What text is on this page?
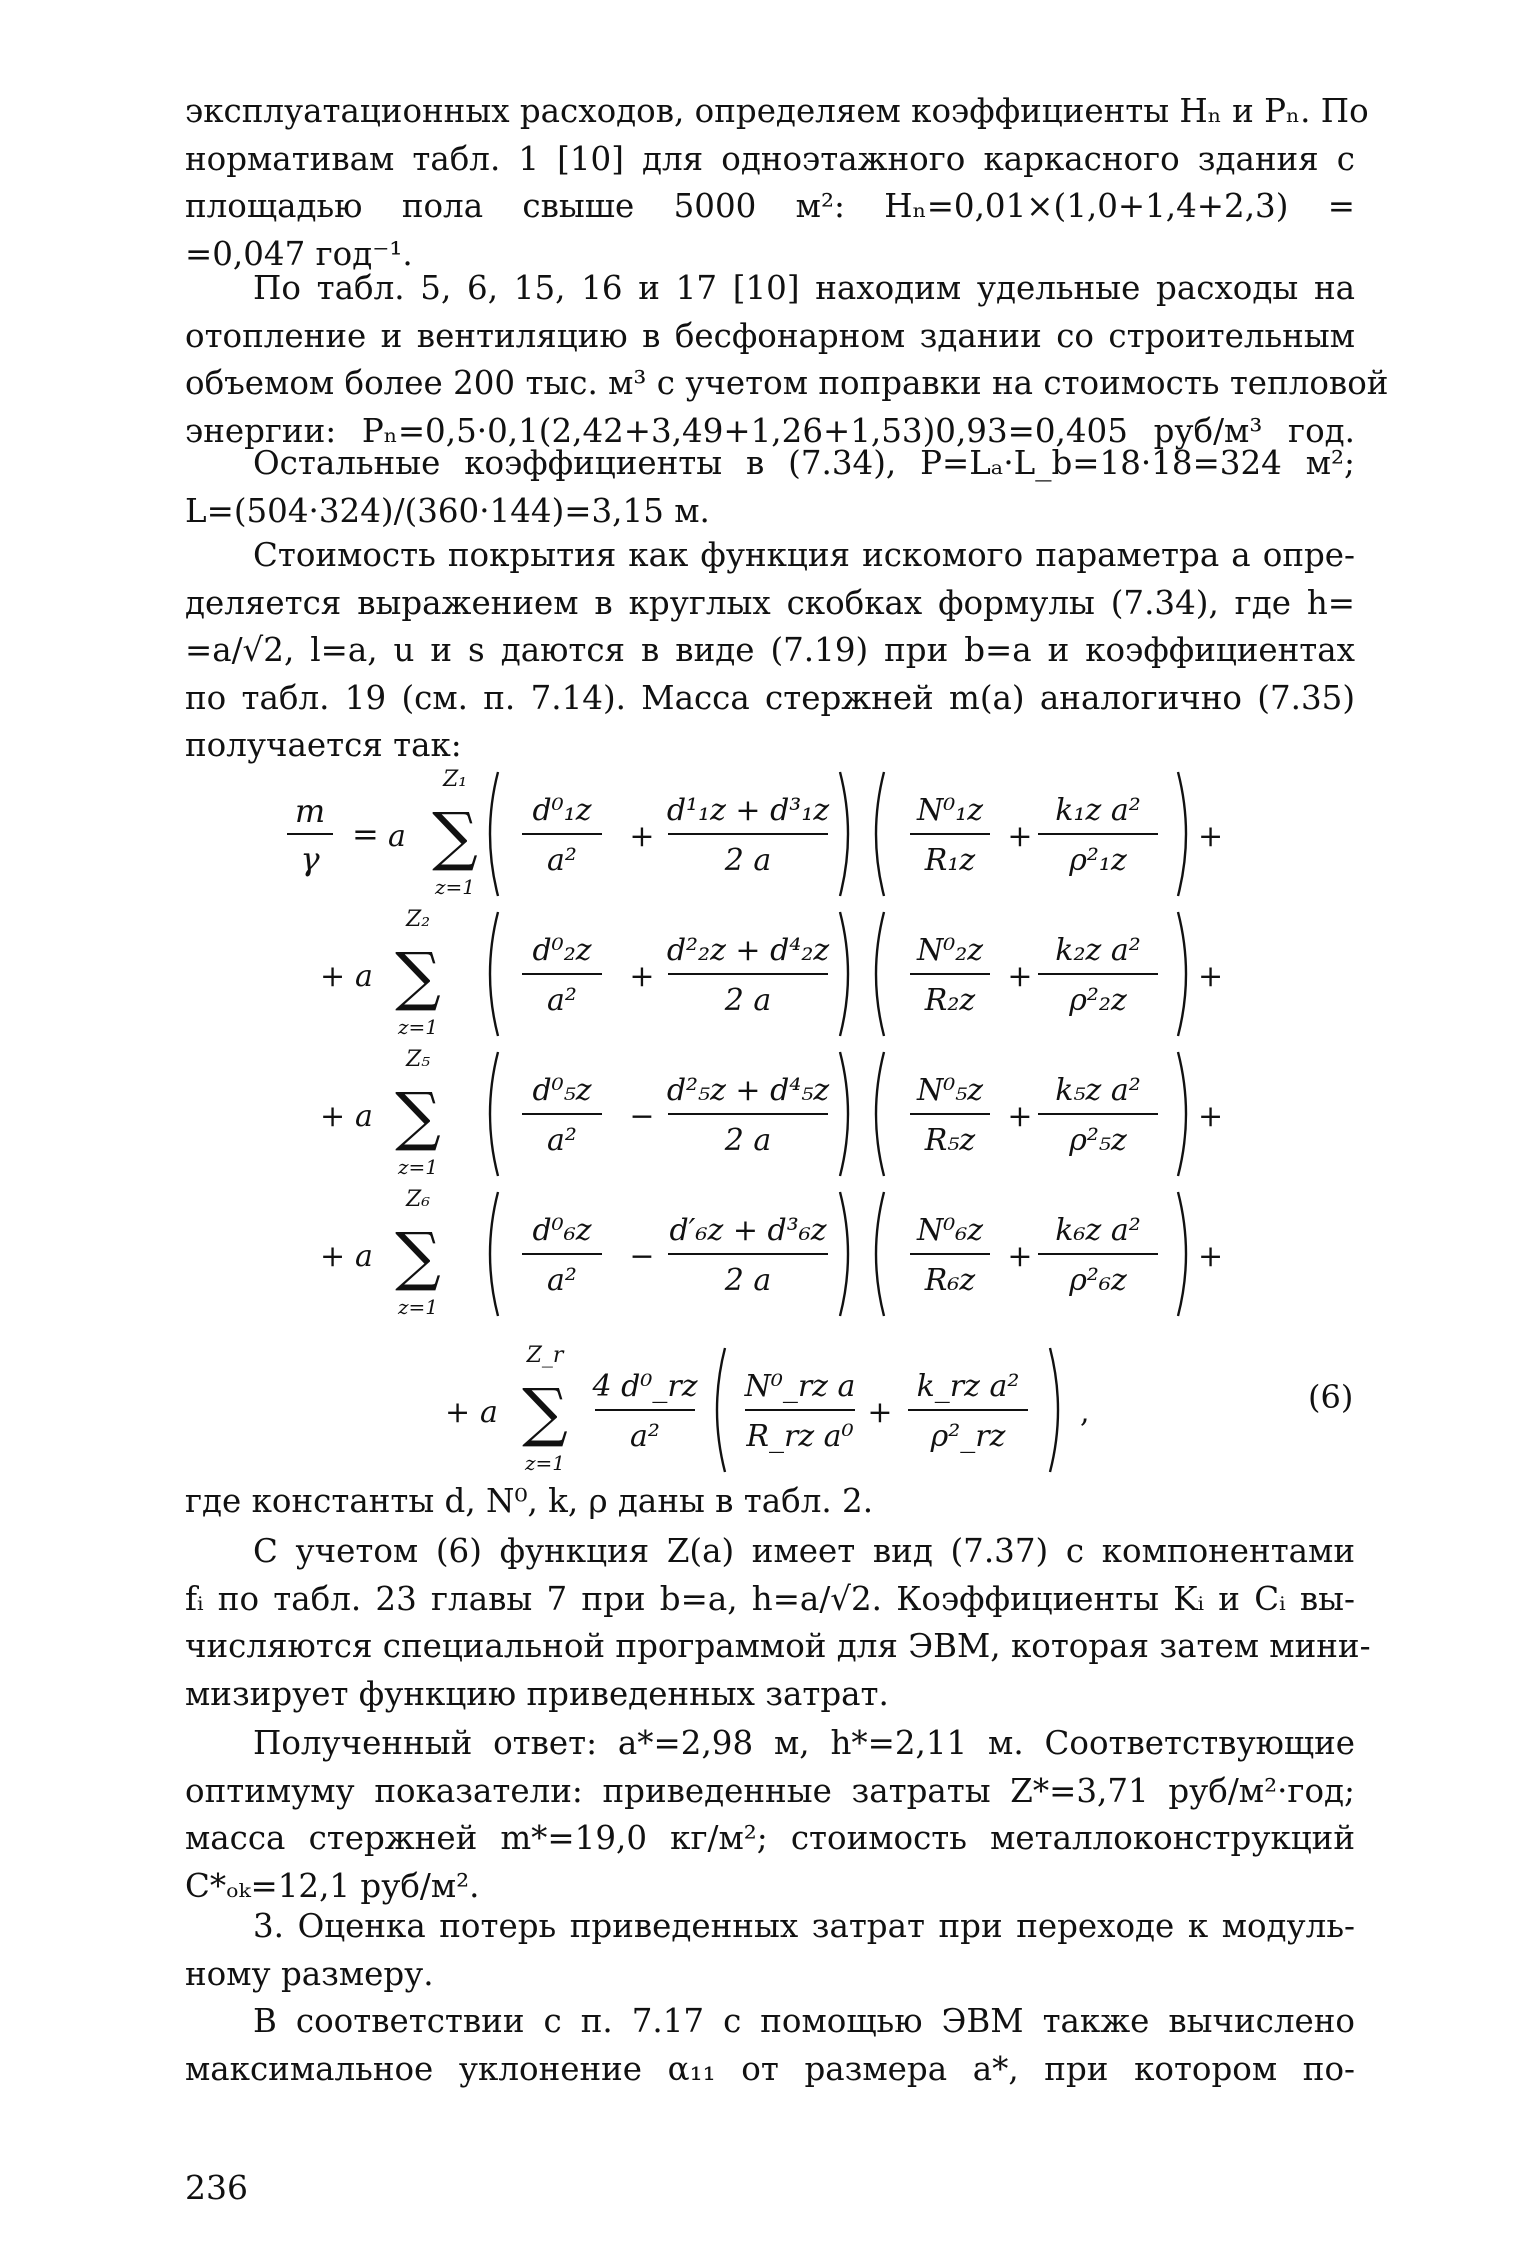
эксплуатационных расходов, определяем коэффициенты Hₙ и Pₙ. По
нормативам табл. 1 [10] для одноэтажного каркасного здания с
площадью пола свыше 5000 м²: Hₙ=0,01×(1,0+1,4+2,3) =
=0,047 год⁻¹.
По табл. 5, 6, 15, 16 и 17 [10] находим удельные расходы на
отопление и вентиляцию в бесфонарном здании со строительным
объемом более 200 тыс. м³ с учетом поправки на стоимость тепловой
энергии: Pₙ=0,5·0,1(2,42+3,49+1,26+1,53)0,93=0,405 руб/м³ год.
Остальные коэффициенты в (7.34), P=Lₐ·L_b=18·18=324 м²;
L=(504·324)/(360·144)=3,15 м.
Стоимость покрытия как функция искомого параметра a опре-
деляется выражением в круглых скобках формулы (7.34), где h=
=a/√2, l=a, u и s даются в виде (7.19) при b=a и коэффициентах
по табл. 19 (см. п. 7.14). Масса стержней m(a) аналогично (7.35)
получается так:
m
γ
= a
Z₁
∑
z=1
d⁰₁z
a²
+
d¹₁z + d³₁z
2 a
N⁰₁z
R₁z
+
k₁z a²
ρ²₁z
+
+ a
Z₂
∑
z=1
d⁰₂z
a²
+
d²₂z + d⁴₂z
2 a
N⁰₂z
R₂z
+
k₂z a²
ρ²₂z
+
+ a
Z₅
∑
z=1
d⁰₅z
a²
−
d²₅z + d⁴₅z
2 a
N⁰₅z
R₅z
+
k₅z a²
ρ²₅z
+
+ a
Z₆
∑
z=1
d⁰₆z
a²
−
d′₆z + d³₆z
2 a
N⁰₆z
R₆z
+
k₆z a²
ρ²₆z
+
+ a
Z_r
∑
z=1
4 d⁰_rz
a²
N⁰_rz a
R_rz a⁰
+
k_rz a²
ρ²_rz
,	(6)
где константы d, N⁰, k, ρ даны в табл. 2.
С учетом (6) функция Z(a) имеет вид (7.37) с компонентами
fᵢ по табл. 23 главы 7 при b=a, h=a/√2. Коэффициенты Kᵢ и Cᵢ вы-
числяются специальной программой для ЭВМ, которая затем мини-
мизирует функцию приведенных затрат.
Полученный ответ: a*=2,98 м, h*=2,11 м. Соответствующие
оптимуму показатели: приведенные затраты Z*=3,71 руб/м²·год;
масса стержней m*=19,0 кг/м²; стоимость металлоконструкций
C*ₒₖ=12,1 руб/м².
3. Оценка потерь приведенных затрат при переходе к модуль-
ному размеру.
В соответствии с п. 7.17 с помощью ЭВМ также вычислено
максимальное уклонение α₁₁ от размера a*, при котором по-
236
